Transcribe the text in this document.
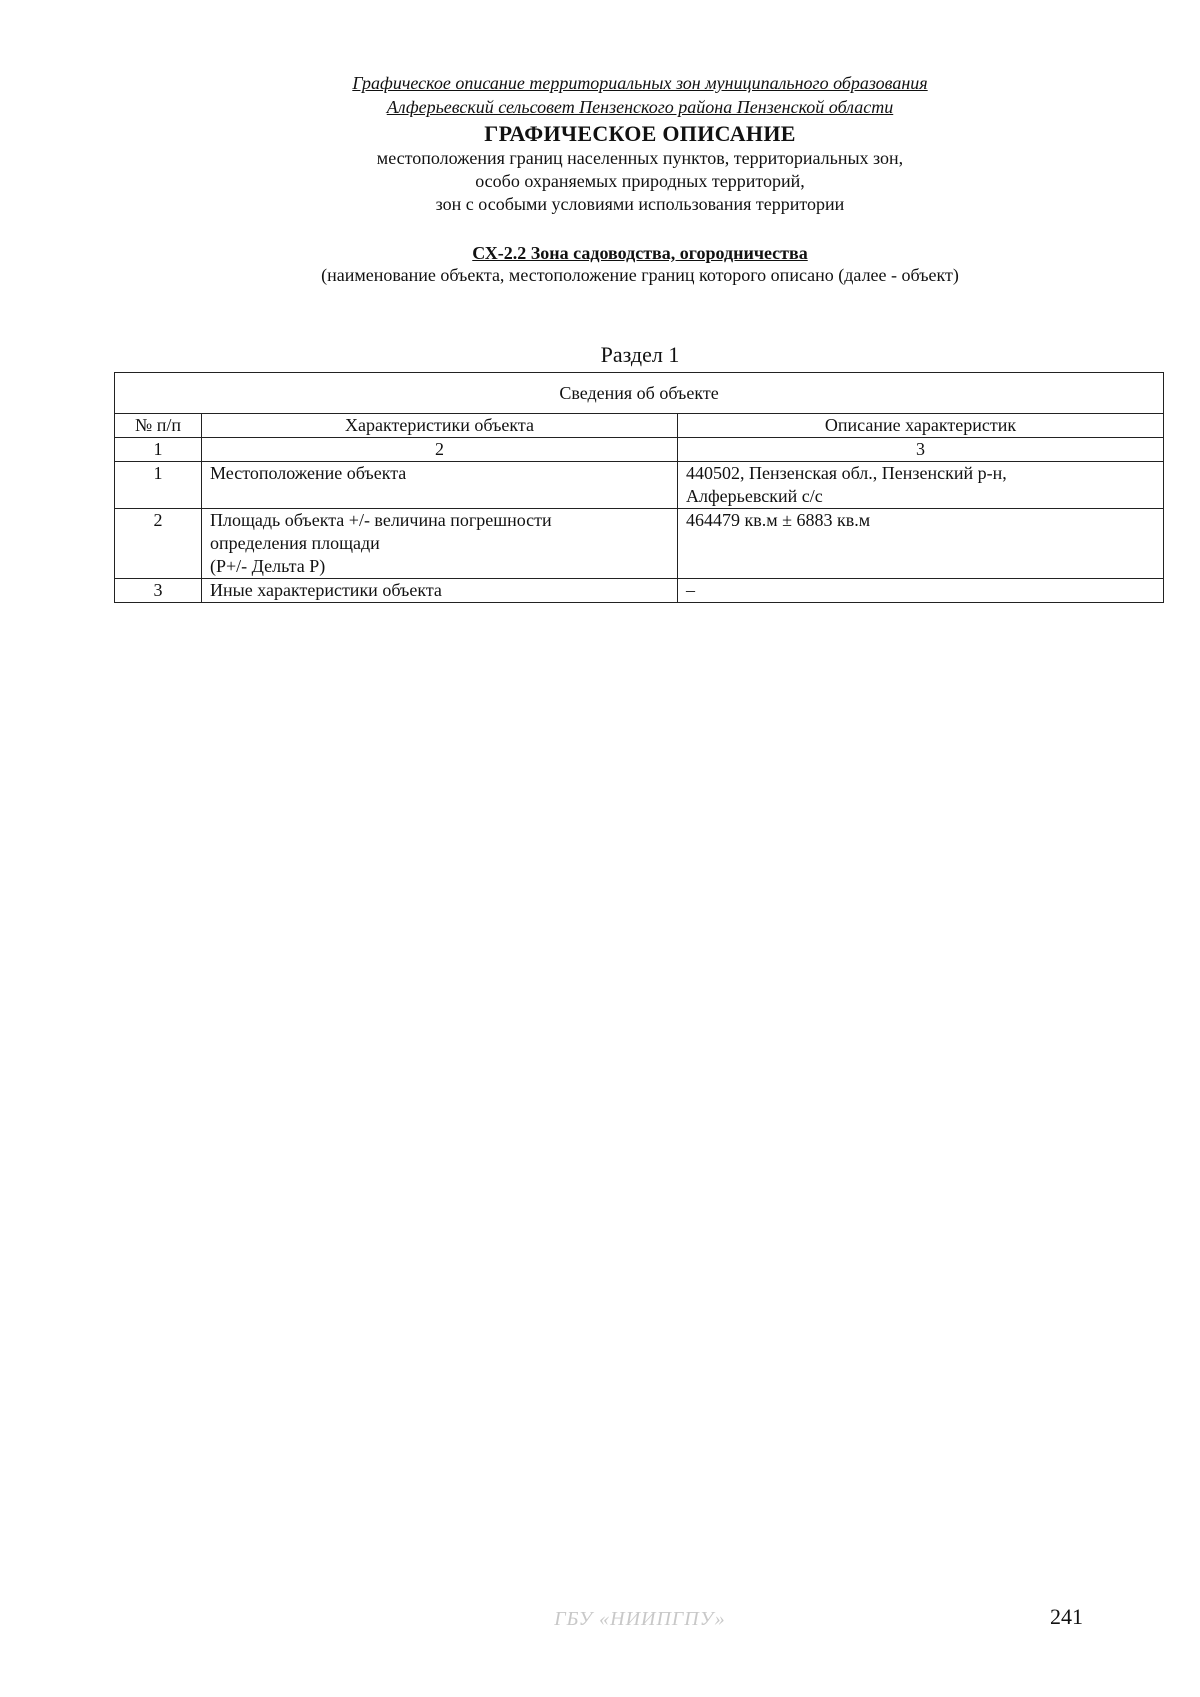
Графическое описание территориальных зон муниципального образования
Алферьевский сельсовет Пензенского района Пензенской области
ГРАФИЧЕСКОЕ ОПИСАНИЕ
местоположения границ населенных пунктов, территориальных зон,
особо охраняемых природных территорий,
зон с особыми условиями использования территории
СХ-2.2 Зона садоводства, огородничества
(наименование объекта, местоположение границ которого описано (далее - объект)
Раздел 1
Сведения об объекте		
№ п/п	Характеристики объекта	Описание характеристик
1	2	3
1	Местоположение объекта	440502, Пензенская обл., Пензенский р-н,
Алферьевский с/с

2	Площадь объекта +/- величина погрешности
определения площади
(P+/- Дельта P)	464479 кв.м ± 6883 кв.м

3	Иные характеристики объекта	–
ГБУ «НИИПГПУ»	241
